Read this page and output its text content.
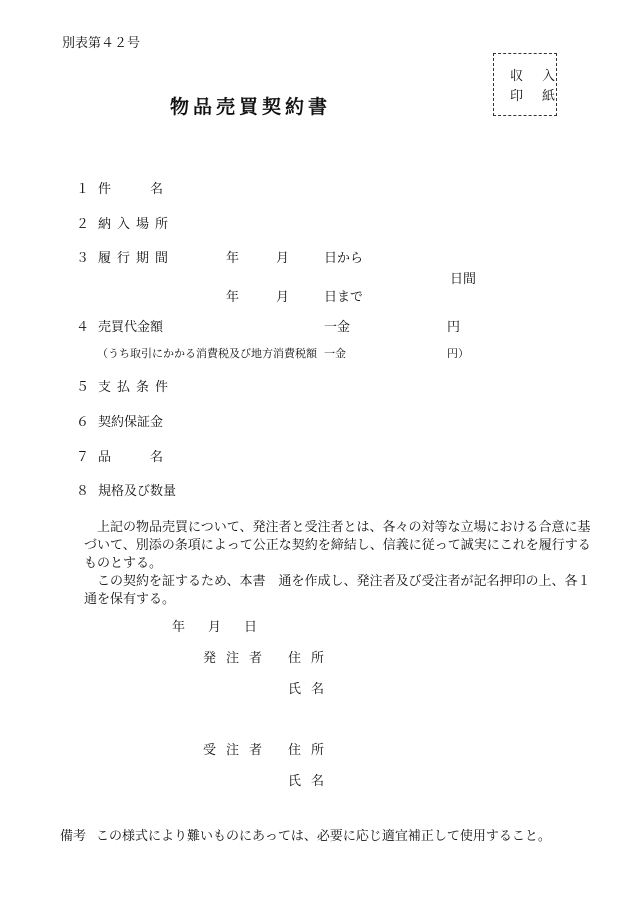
別表第４２号
収　入
印　紙
物品売買契約書
１ 件　　　名
２ 納入場所
３ 履行期間	年	月	日から
日間
年	月	日まで
４ 売買代金額	一金	円
（うち取引にかかる消費税及び地方消費税額 一金	円）
５ 支払条件
６ 契約保証金
７ 品　　　名
８ 規格及び数量
上記の物品売買について、発注者と受注者とは、各々の対等な立場における合意に基
づいて、別添の条項によって公正な契約を締結し、信義に従って誠実にこれを履行する
ものとする。
この契約を証するため、本書　通を作成し、発注者及び受注者が記名押印の上、各１
通を保有する。
年 月 日
発注者 住所
氏名
受注者 住所
氏名
備考 この様式により難いものにあっては、必要に応じ適宜補正して使用すること。
